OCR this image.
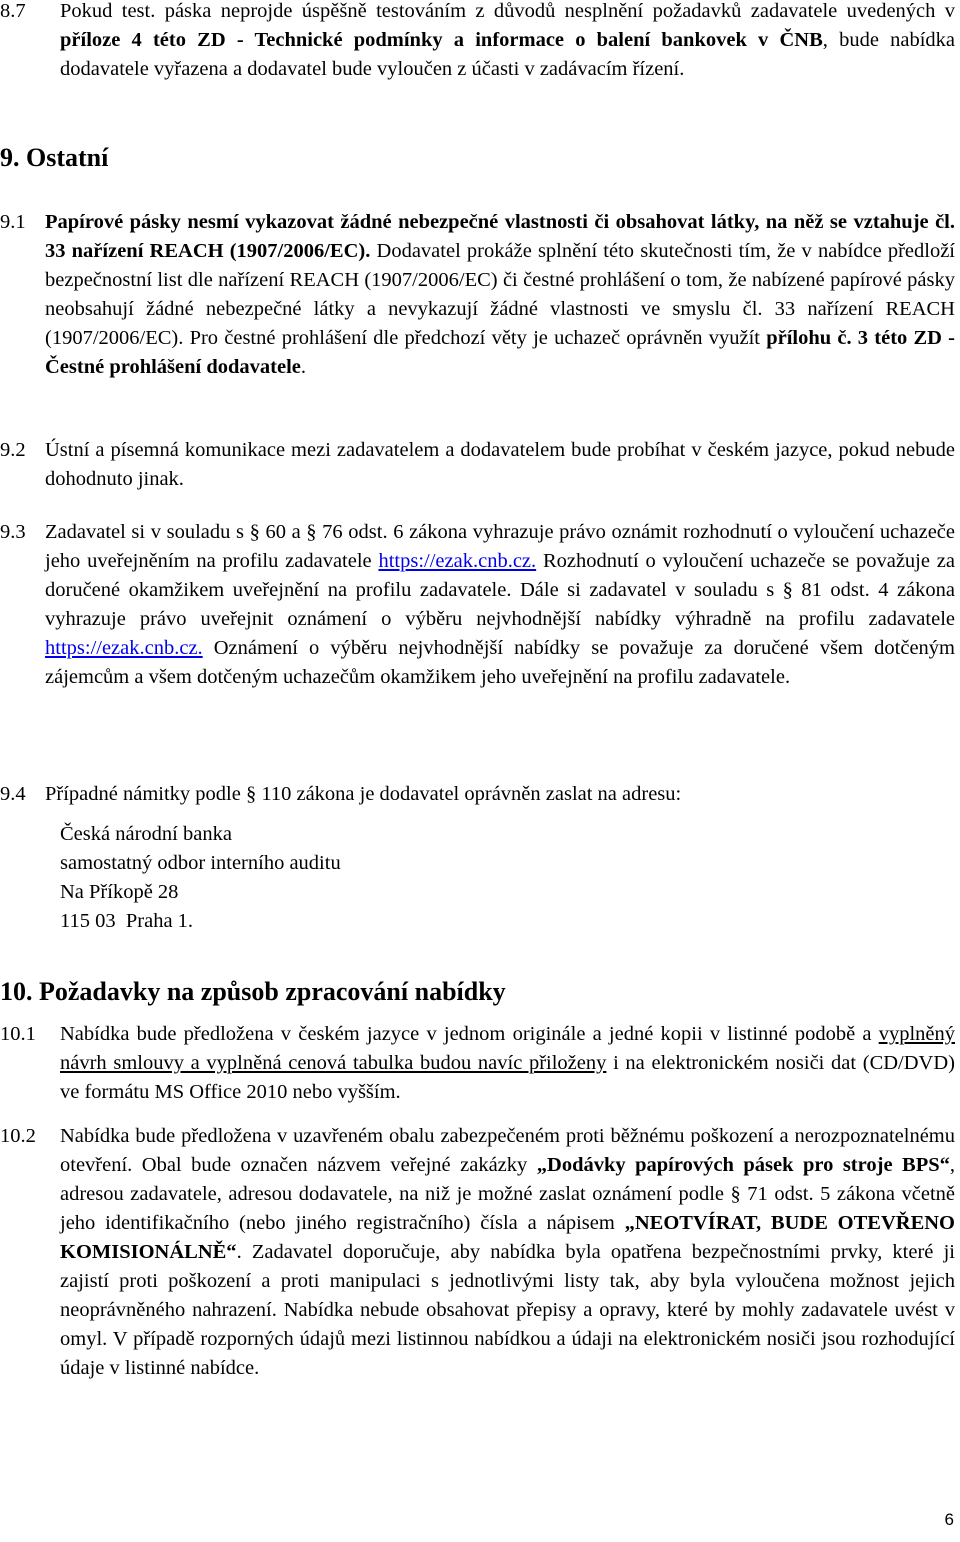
8.7 Pokud test. páska neprojde úspěšně testováním z důvodů nesplnění požadavků zadavatele uvedených v příloze 4 této ZD - Technické podmínky a informace o balení bankovek v ČNB, bude nabídka dodavatele vyřazena a dodavatel bude vyloučen z účasti v zadávacím řízení.
9. Ostatní
9.1 Papírové pásky nesmí vykazovat žádné nebezpečné vlastnosti či obsahovat látky, na něž se vztahuje čl. 33 nařízení REACH (1907/2006/EC). Dodavatel prokáže splnění této skutečnosti tím, že v nabídce předloží bezpečnostní list dle nařízení REACH (1907/2006/EC) či čestné prohlášení o tom, že nabízené papírové pásky neobsahují žádné nebezpečné látky a nevykazují žádné vlastnosti ve smyslu čl. 33 nařízení REACH (1907/2006/EC). Pro čestné prohlášení dle předchozí věty je uchazeč oprávněn využít přílohu č. 3 této ZD - Čestné prohlášení dodavatele.
9.2 Ústní a písemná komunikace mezi zadavatelem a dodavatelem bude probíhat v českém jazyce, pokud nebude dohodnuto jinak.
9.3 Zadavatel si v souladu s § 60 a § 76 odst. 6 zákona vyhrazuje právo oznámit rozhodnutí o vyloučení uchazeče jeho uveřejněním na profilu zadavatele https://ezak.cnb.cz. Rozhodnutí o vyloučení uchazeče se považuje za doručené okamžikem uveřejnění na profilu zadavatele. Dále si zadavatel v souladu s § 81 odst. 4 zákona vyhrazuje právo uveřejnit oznámení o výběru nejvhodnější nabídky výhradně na profilu zadavatele https://ezak.cnb.cz. Oznámení o výběru nejvhodnější nabídky se považuje za doručené všem dotčeným zájemcům a všem dotčeným uchazečům okamžikem jeho uveřejnění na profilu zadavatele.
9.4 Případné námitky podle § 110 zákona je dodavatel oprávněn zaslat na adresu:
Česká národní banka
samostatný odbor interního auditu
Na Příkopě 28
115 03  Praha 1.
10. Požadavky na způsob zpracování nabídky
10.1 Nabídka bude předložena v českém jazyce v jednom originále a jedné kopii v listinné podobě a vyplněný návrh smlouvy a vyplněná cenová tabulka budou navíc přiloženy i na elektronickém nosiči dat (CD/DVD) ve formátu MS Office 2010 nebo vyšším.
10.2 Nabídka bude předložena v uzavřeném obalu zabezpečeném proti běžnému poškození a nerozpoznatelnému otevření. Obal bude označen názvem veřejné zakázky „Dodávky papírových pásek pro stroje BPS“, adresou zadavatele, adresou dodavatele, na niž je možné zaslat oznámení podle § 71 odst. 5 zákona včetně jeho identifikačního (nebo jiného registračního) čísla a nápisem „NEOTVÍRAT, BUDE OTEVŘENO KOMISIONÁLNĚ“. Zadavatel doporučuje, aby nabídka byla opatřena bezpečnostními prvky, které ji zajistí proti poškození a proti manipulaci s jednotlivými listy tak, aby byla vyloučena možnost jejich neoprávněného nahrazení. Nabídka nebude obsahovat přepisy a opravy, které by mohly zadavatele uvést v omyl. V případě rozporných údajů mezi listinnou nabídkou a údaji na elektronickém nosiči jsou rozhodující údaje v listinné nabídce.
6
